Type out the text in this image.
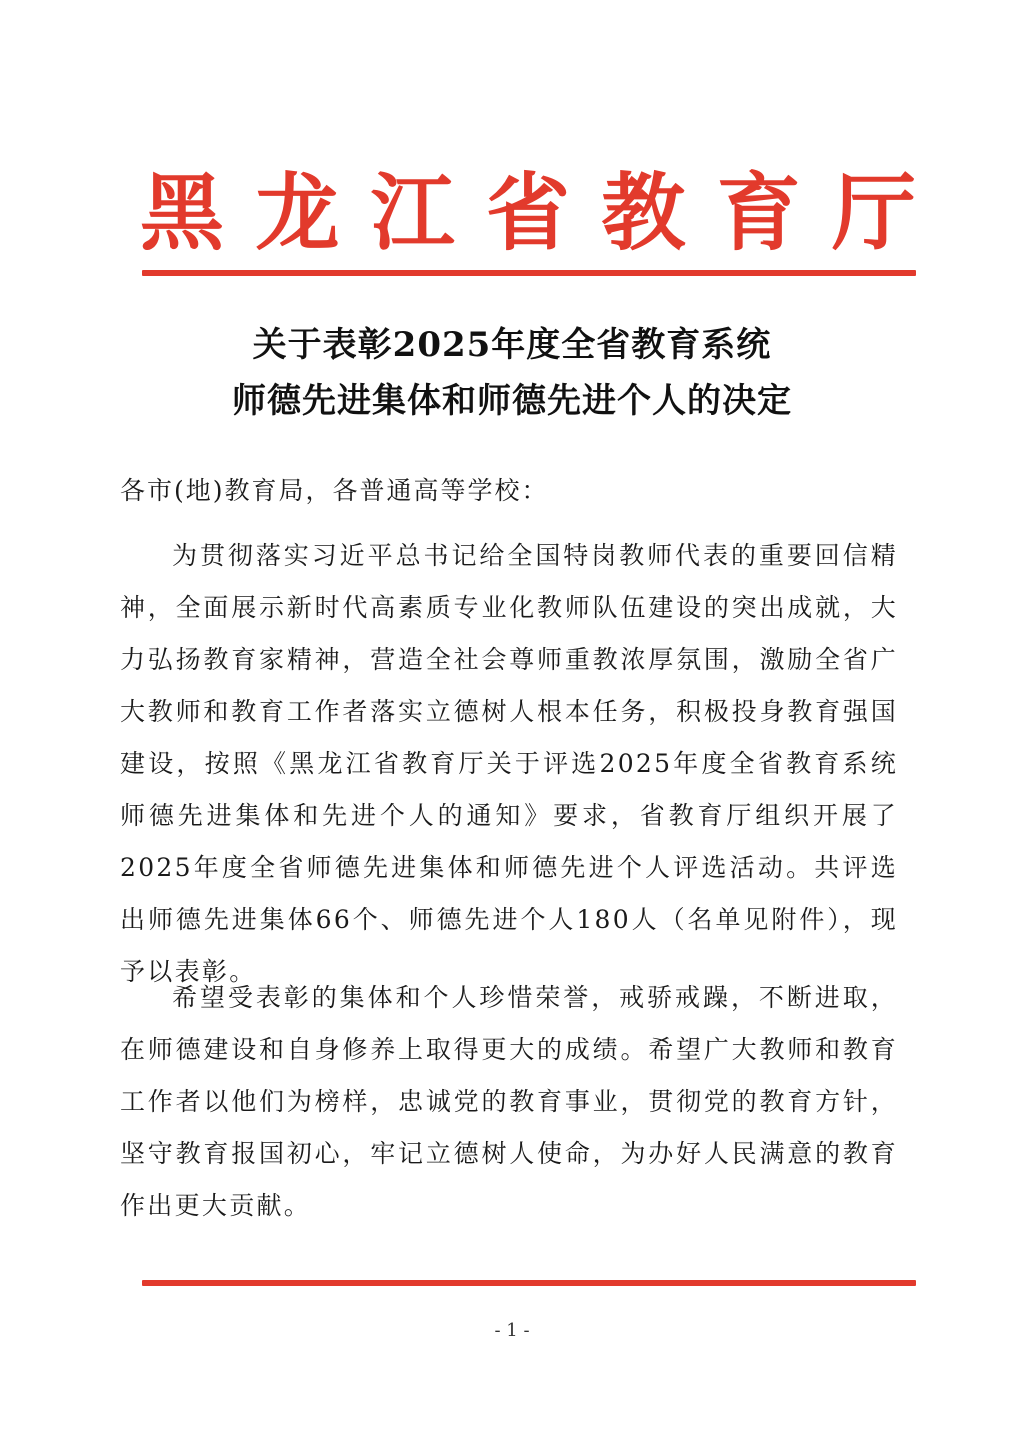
黑 龙 江 省 教 育 厅
关于表彰2025年度全省教育系统
师德先进集体和师德先进个人的决定
各市(地)教育局，各普通高等学校：

为贯彻落实习近平总书记给全国特岗教师代表的重要回信精神，全面展示新时代高素质专业化教师队伍建设的突出成就，大力弘扬教育家精神，营造全社会尊师重教浓厚氛围，激励全省广大教师和教育工作者落实立德树人根本任务，积极投身教育强国建设，按照《黑龙江省教育厅关于评选2025年度全省教育系统师德先进集体和先进个人的通知》要求，省教育厅组织开展了2025年度全省师德先进集体和师德先进个人评选活动。共评选出师德先进集体66个、师德先进个人180人（名单见附件），现予以表彰。

希望受表彰的集体和个人珍惜荣誉，戒骄戒躁，不断进取，在师德建设和自身修养上取得更大的成绩。希望广大教师和教育工作者以他们为榜样，忠诚党的教育事业，贯彻党的教育方针，坚守教育报国初心，牢记立德树人使命，为办好人民满意的教育作出更大贡献。

- 1 -
